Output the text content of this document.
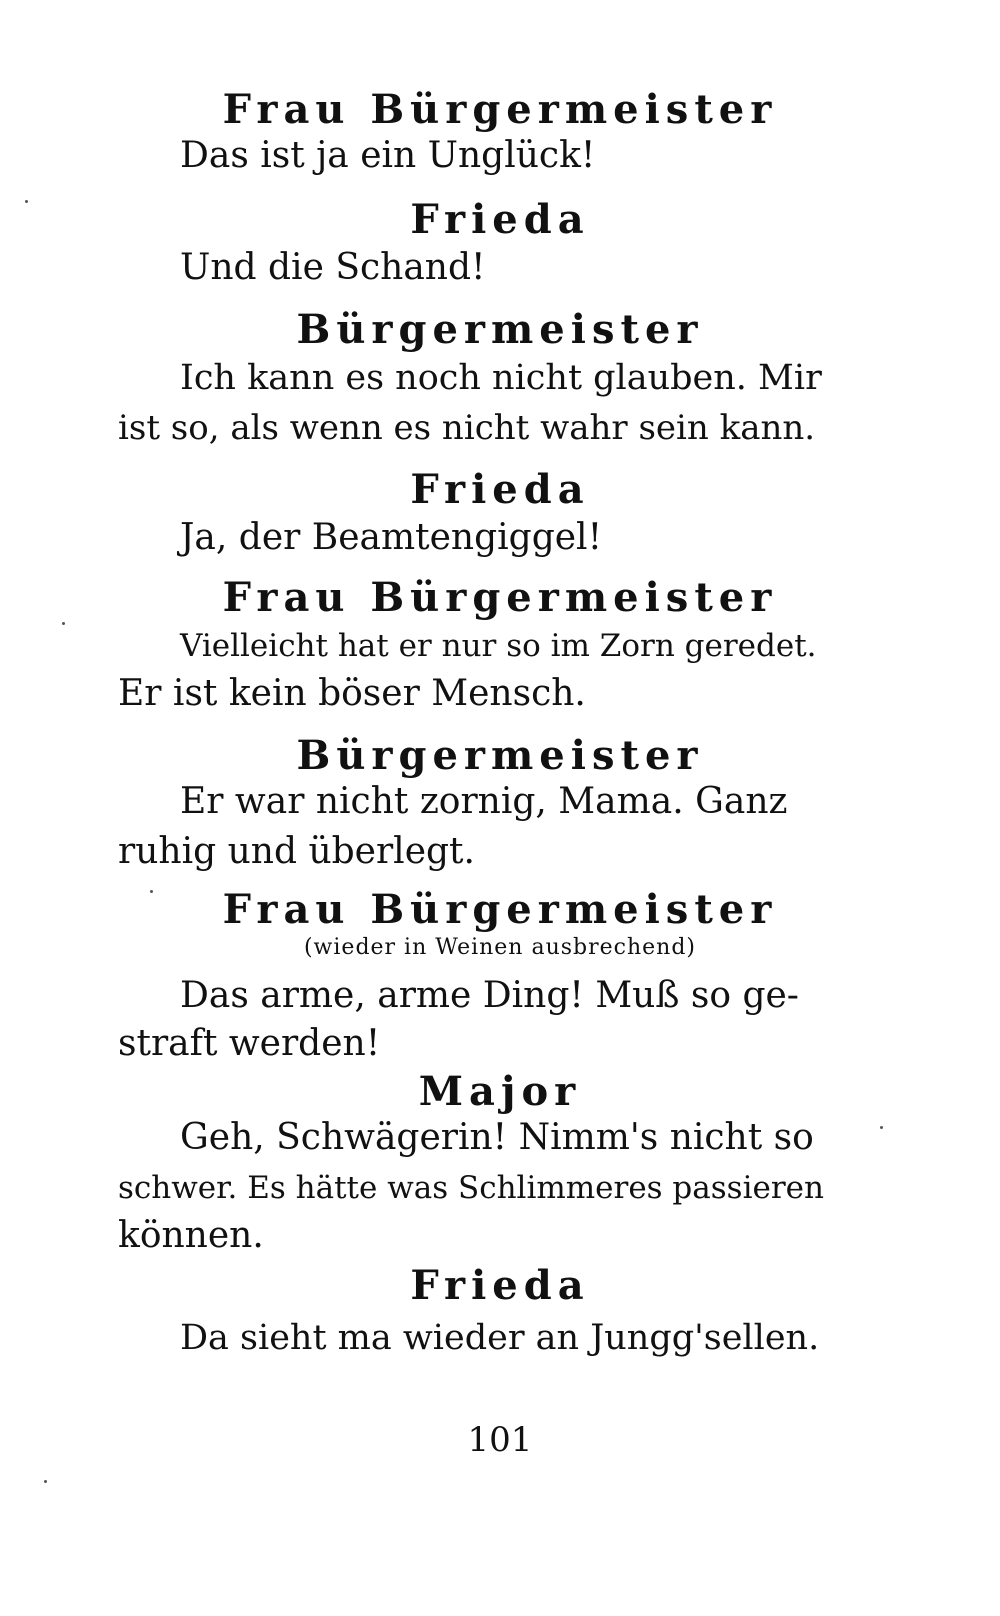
Frau Bürgermeister
Das ist ja ein Unglück!
Frieda
Und die Schand!
Bürgermeister
Ich kann es noch nicht glauben. Mir
ist so, als wenn es nicht wahr sein kann.
Frieda
Ja, der Beamtengiggel!
Frau Bürgermeister
Vielleicht hat er nur so im Zorn geredet.
Er ist kein böser Mensch.
Bürgermeister
Er war nicht zornig, Mama. Ganz
ruhig und überlegt.
Frau Bürgermeister
(wieder in Weinen ausbrechend)
Das arme, arme Ding! Muß so ge-
straft werden!
Major
Geh, Schwägerin! Nimm's nicht so
schwer. Es hätte was Schlimmeres passieren
können.
Frieda
Da sieht ma wieder an Jungg'sellen.
101
